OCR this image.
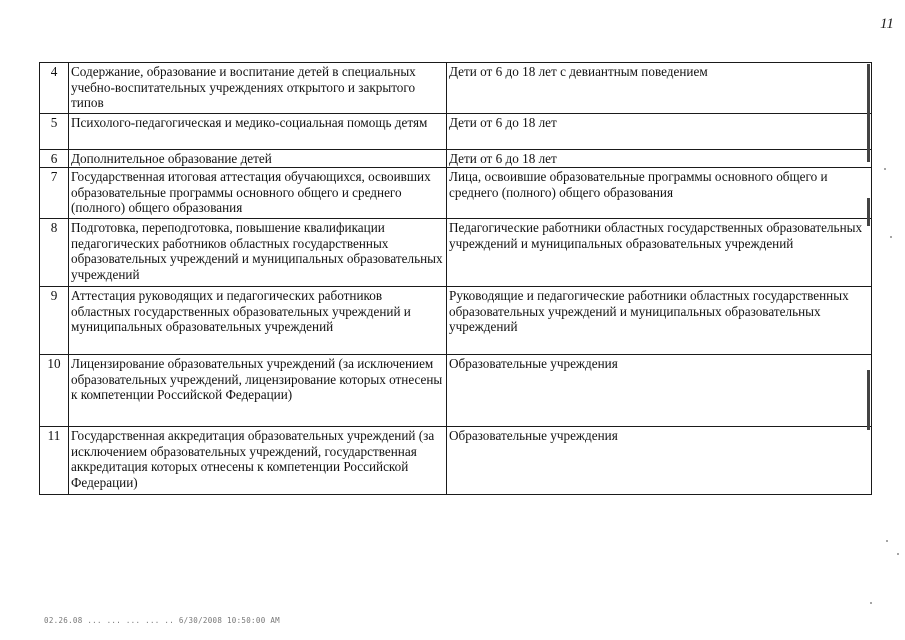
11
4	Содержание, образование и воспитание детей в специальных учебно-воспитательных учреждениях открытого и закрытого типов	Дети от 6 до 18 лет с девиантным поведением
5	Психолого-педагогическая и медико-социальная помощь детям	Дети от 6 до 18 лет
6	Дополнительное образование детей	Дети от 6 до 18 лет
7	Государственная итоговая аттестация обучающихся, освоивших образовательные программы основного общего и среднего (полного) общего образования	Лица, освоившие образовательные программы основного общего и среднего (полного) общего образования
8	Подготовка, переподготовка, повышение квалификации педагогических работников областных государственных образовательных учреждений и муниципальных образовательных учреждений	Педагогические работники областных государственных образовательных учреждений и муниципальных образовательных учреждений
9	Аттестация руководящих и педагогических работников областных государственных образовательных учреждений и муниципальных образовательных учреждений	Руководящие и педагогические работники областных государственных образовательных учреждений и муниципальных образовательных учреждений
10	Лицензирование образовательных учреждений (за исключением образовательных учреждений, лицензирование которых отнесены к компетенции Российской Федерации)	Образовательные учреждения
11	Государственная аккредитация образовательных учреждений (за исключением образовательных учреждений, государственная аккредитация которых отнесены к компетенции Российской Федерации)	Образовательные учреждения
02.26.08 ... ... ... ... .. 6/30/2008 10:50:00 AM
